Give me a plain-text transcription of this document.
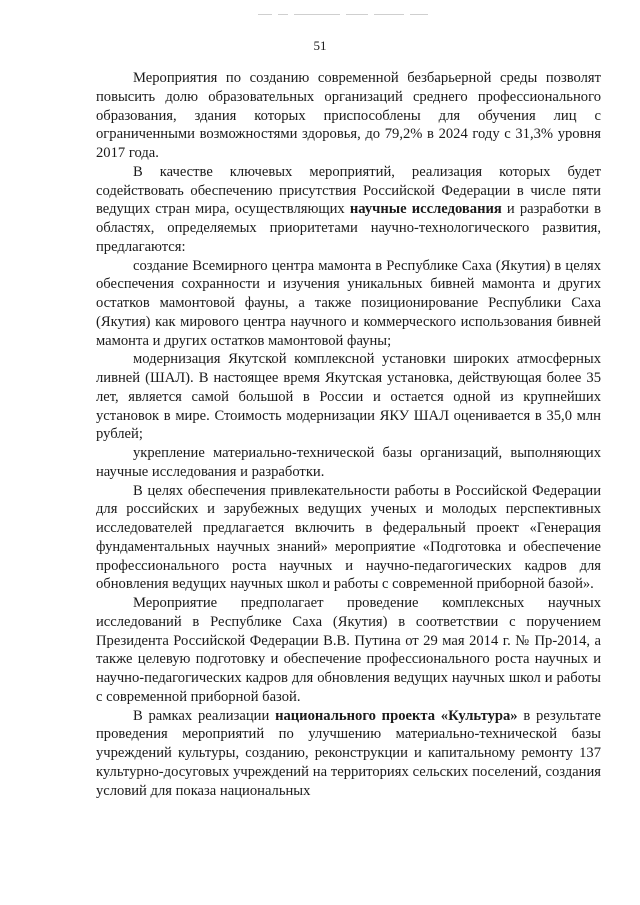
51

Мероприятия по созданию современной безбарьерной среды позволят повысить долю образовательных организаций среднего профессионального образования, здания которых приспособлены для обучения лиц с ограниченными возможностями здоровья, до 79,2% в 2024 году с 31,3% уровня 2017 года.

В качестве ключевых мероприятий, реализация которых будет содействовать обеспечению присутствия Российской Федерации в числе пяти ведущих стран мира, осуществляющих научные исследования и разработки в областях, определяемых приоритетами научно-технологического развития, предлагаются:

создание Всемирного центра мамонта в Республике Саха (Якутия) в целях обеспечения сохранности и изучения уникальных бивней мамонта и других остатков мамонтовой фауны, а также позиционирование Республики Саха (Якутия) как мирового центра научного и коммерческого использования бивней мамонта и других остатков мамонтовой фауны;

модернизация Якутской комплексной установки широких атмосферных ливней (ШАЛ). В настоящее время Якутская установка, действующая более 35 лет, является самой большой в России и остается одной из крупнейших установок в мире. Стоимость модернизации ЯКУ ШАЛ оценивается в 35,0 млн рублей;

укрепление материально-технической базы организаций, выполняющих научные исследования и разработки.

В целях обеспечения привлекательности работы в Российской Федерации для российских и зарубежных ведущих ученых и молодых перспективных исследователей предлагается включить в федеральный проект «Генерация фундаментальных научных знаний» мероприятие «Подготовка и обеспечение профессионального роста научных и научно-педагогических кадров для обновления ведущих научных школ и работы с современной приборной базой».

Мероприятие предполагает проведение комплексных научных исследований в Республике Саха (Якутия) в соответствии с поручением Президента Российской Федерации В.В. Путина от 29 мая 2014 г. № Пр-2014, а также целевую подготовку и обеспечение профессионального роста научных и научно-педагогических кадров для обновления ведущих научных школ и работы с современной приборной базой.

В рамках реализации национального проекта «Культура» в результате проведения мероприятий по улучшению материально-технической базы учреждений культуры, созданию, реконструкции и капитальному ремонту 137 культурно-досуговых учреждений на территориях сельских поселений, создания условий для показа национальных
